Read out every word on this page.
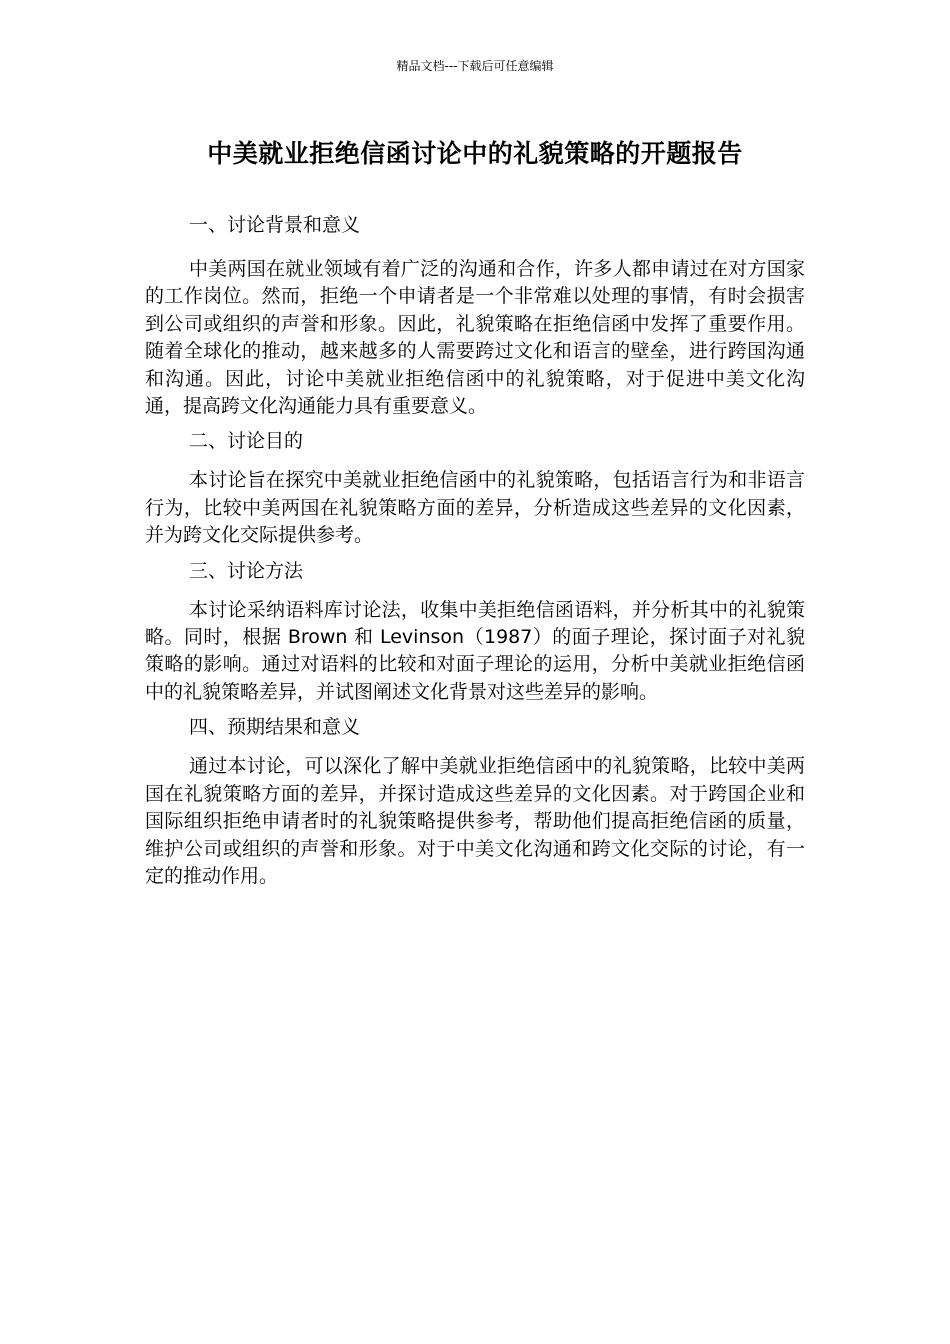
精品文档---下载后可任意编辑
中美就业拒绝信函讨论中的礼貌策略的开题报告
一、讨论背景和意义

中美两国在就业领域有着广泛的沟通和合作，许多人都申请过在对方国家的工作岗位。然而，拒绝一个申请者是一个非常难以处理的事情，有时会损害到公司或组织的声誉和形象。因此，礼貌策略在拒绝信函中发挥了重要作用。随着全球化的推动，越来越多的人需要跨过文化和语言的壁垒，进行跨国沟通和沟通。因此，讨论中美就业拒绝信函中的礼貌策略，对于促进中美文化沟通，提高跨文化沟通能力具有重要意义。

二、讨论目的

本讨论旨在探究中美就业拒绝信函中的礼貌策略，包括语言行为和非语言行为，比较中美两国在礼貌策略方面的差异，分析造成这些差异的文化因素，并为跨文化交际提供参考。

三、讨论方法

本讨论采纳语料库讨论法，收集中美拒绝信函语料，并分析其中的礼貌策略。同时，根据 Brown 和 Levinson（1987）的面子理论，探讨面子对礼貌策略的影响。通过对语料的比较和对面子理论的运用，分析中美就业拒绝信函中的礼貌策略差异，并试图阐述文化背景对这些差异的影响。

四、预期结果和意义

通过本讨论，可以深化了解中美就业拒绝信函中的礼貌策略，比较中美两国在礼貌策略方面的差异，并探讨造成这些差异的文化因素。对于跨国企业和国际组织拒绝申请者时的礼貌策略提供参考，帮助他们提高拒绝信函的质量，维护公司或组织的声誉和形象。对于中美文化沟通和跨文化交际的讨论，有一定的推动作用。
